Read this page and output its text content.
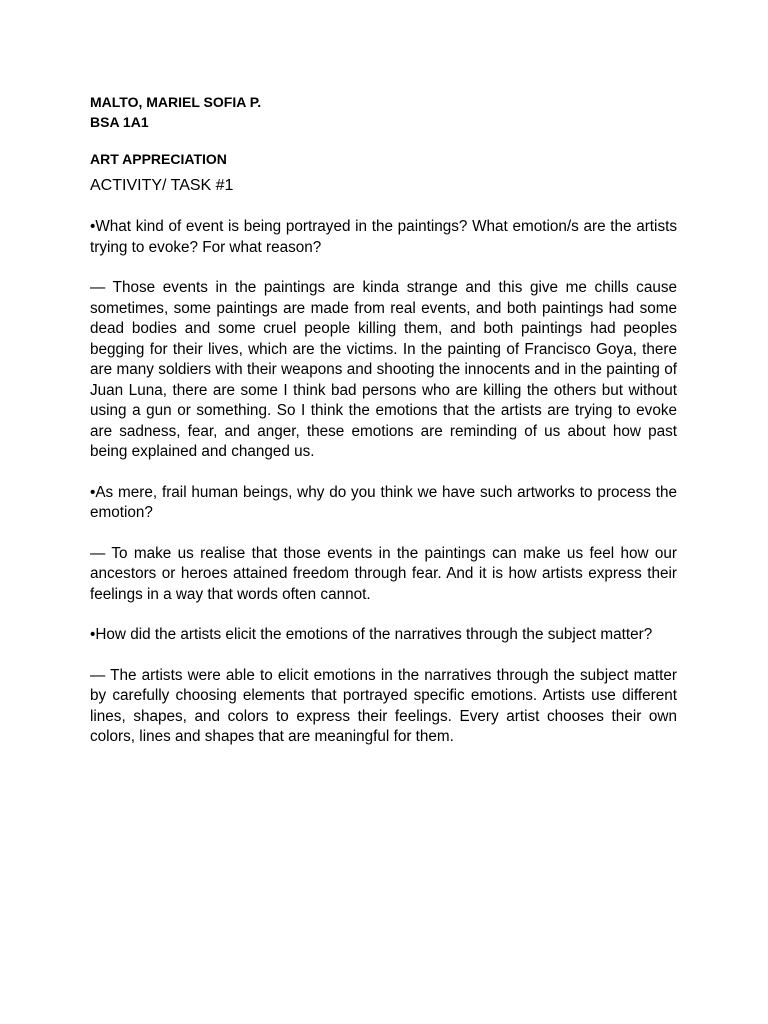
MALTO, MARIEL SOFIA P.

BSA 1A1

ART APPRECIATION

ACTIVITY/ TASK #1

•What kind of event is being portrayed in the paintings? What emotion/s are the artists trying to evoke? For what reason?

— Those events in the paintings are kinda strange and this give me chills cause sometimes, some paintings are made from real events, and both paintings had some dead bodies and some cruel people killing them, and both paintings had peoples begging for their lives, which are the victims. In the painting of Francisco Goya, there are many soldiers with their weapons and shooting the innocents and in the painting of Juan Luna, there are some I think bad persons who are killing the others but without using a gun or something. So I think the emotions that the artists are trying to evoke are sadness, fear, and anger, these emotions are reminding of us about how past being explained and changed us.

•As mere, frail human beings, why do you think we have such artworks to process the emotion?

— To make us realise that those events in the paintings can make us feel how our ancestors or heroes attained freedom through fear. And it is how artists express their feelings in a way that words often cannot.

•How did the artists elicit the emotions of the narratives through the subject matter?

— The artists were able to elicit emotions in the narratives through the subject matter by carefully choosing elements that portrayed specific emotions. Artists use different lines, shapes, and colors to express their feelings. Every artist chooses their own colors, lines and shapes that are meaningful for them.
